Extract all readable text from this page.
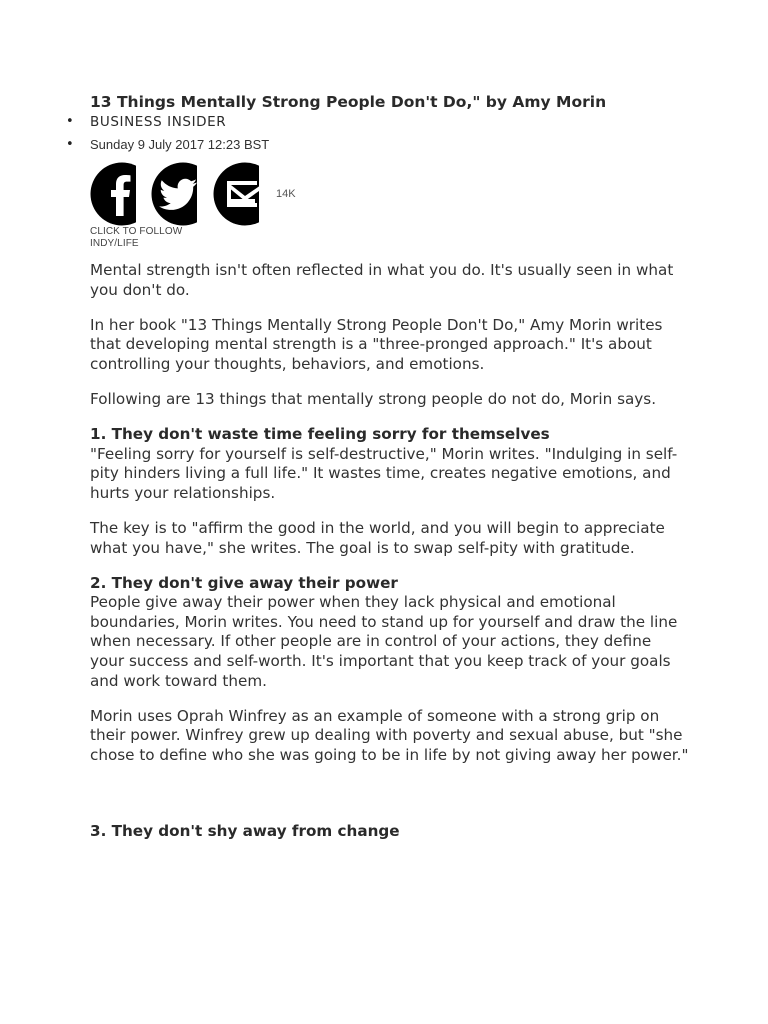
13 Things Mentally Strong People Don't Do," by Amy Morin
• BUSINESS INSIDER
• Sunday 9 July 2017 12:23 BST
14K
CLICK TO FOLLOW
INDY/LIFE

Mental strength isn't often reflected in what you do. It's usually seen in what you don't do.

In her book "13 Things Mentally Strong People Don't Do," Amy Morin writes that developing mental strength is a "three-pronged approach." It's about controlling your thoughts, behaviors, and emotions.

Following are 13 things that mentally strong people do not do, Morin says.

1. They don't waste time feeling sorry for themselves

"Feeling sorry for yourself is self-destructive," Morin writes. "Indulging in self-pity hinders living a full life." It wastes time, creates negative emotions, and hurts your relationships.

The key is to "affirm the good in the world, and you will begin to appreciate what you have," she writes. The goal is to swap self-pity with gratitude.

2. They don't give away their power

People give away their power when they lack physical and emotional boundaries, Morin writes. You need to stand up for yourself and draw the line when necessary. If other people are in control of your actions, they define your success and self-worth. It's important that you keep track of your goals and work toward them.

Morin uses Oprah Winfrey as an example of someone with a strong grip on their power. Winfrey grew up dealing with poverty and sexual abuse, but "she chose to define who she was going to be in life by not giving away her power."

3. They don't shy away from change
